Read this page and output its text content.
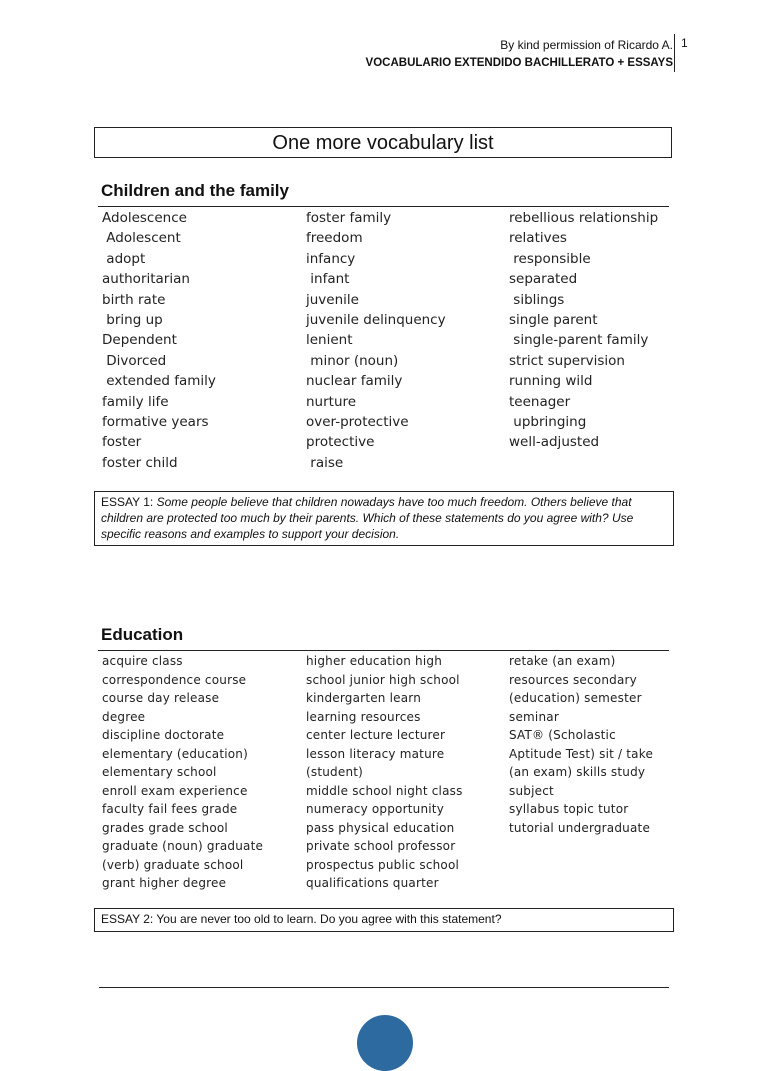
By kind permission of Ricardo A.
VOCABULARIO EXTENDIDO BACHILLERATO + ESSAYS
1
One more vocabulary list
Children and the family
Adolescence
Adolescent
adopt
authoritarian
birth rate
bring up
Dependent
Divorced
extended family
family life
formative years
foster
foster child
foster family
freedom
infancy
infant
juvenile
juvenile delinquency
lenient
minor (noun)
nuclear family
nurture
over-protective
protective
raise
rebellious relationship
relatives
responsible
separated
siblings
single parent
single-parent family
strict supervision
running wild
teenager
upbringing
well-adjusted
ESSAY 1: Some people believe that children nowadays have too much freedom. Others believe that children are protected too much by their parents. Which of these statements do you agree with? Use specific reasons and examples to support your decision.
Education
acquire class
correspondence course
course day release
degree
discipline doctorate
elementary (education)
elementary school
enroll exam experience
faculty fail fees grade
grades grade school
graduate (noun) graduate
(verb) graduate school
grant higher degree
higher education high
school junior high school
kindergarten learn
learning resources
center lecture lecturer
lesson literacy mature
(student)
middle school night class
numeracy opportunity
pass physical education
private school professor
prospectus public school
qualifications quarter
retake (an exam)
resources secondary
(education) semester
seminar
SAT® (Scholastic
Aptitude Test) sit / take
(an exam) skills study
subject
syllabus topic tutor
tutorial undergraduate
ESSAY 2: You are never too old to learn. Do you agree with this statement?
